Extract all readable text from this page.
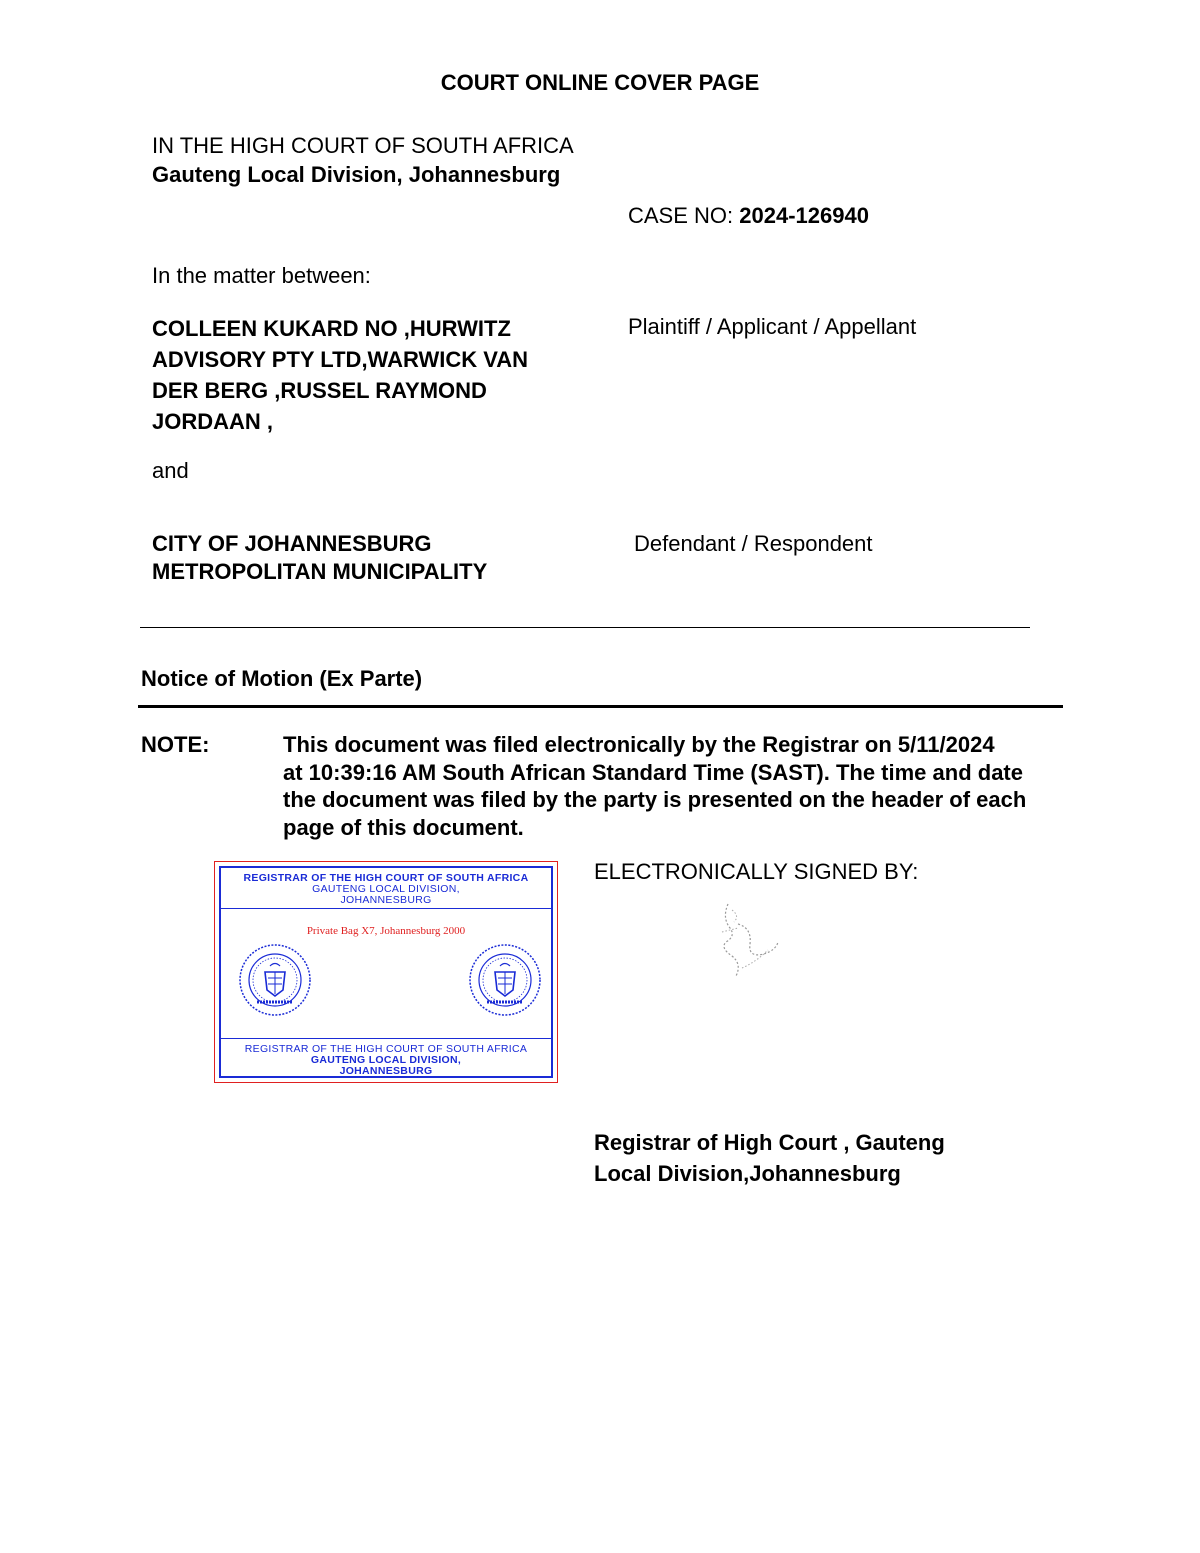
COURT ONLINE COVER PAGE
IN THE HIGH COURT OF SOUTH AFRICA
Gauteng Local Division, Johannesburg
CASE NO: 2024-126940
In the matter between:
COLLEEN KUKARD NO ,HURWITZ
ADVISORY PTY LTD,WARWICK VAN
DER BERG ,RUSSEL RAYMOND
JORDAAN ,
Plaintiff / Applicant / Appellant
and
CITY OF JOHANNESBURG
METROPOLITAN MUNICIPALITY
Defendant / Respondent
Notice of Motion (Ex Parte)
NOTE:	This document was filed electronically by the Registrar on 5/11/2024
at 10:39:16 AM South African Standard Time (SAST). The time and date
the document was filed by the party is presented on the header of each
page of this document.
REGISTRAR OF THE HIGH COURT OF SOUTH AFRICA
GAUTENG LOCAL DIVISION,
JOHANNESBURG
Private Bag X7, Johannesburg 2000
REGISTRAR OF THE HIGH COURT OF SOUTH AFRICA
GAUTENG LOCAL DIVISION,
JOHANNESBURG
ELECTRONICALLY SIGNED BY:
Registrar of High Court , Gauteng
Local Division,Johannesburg
